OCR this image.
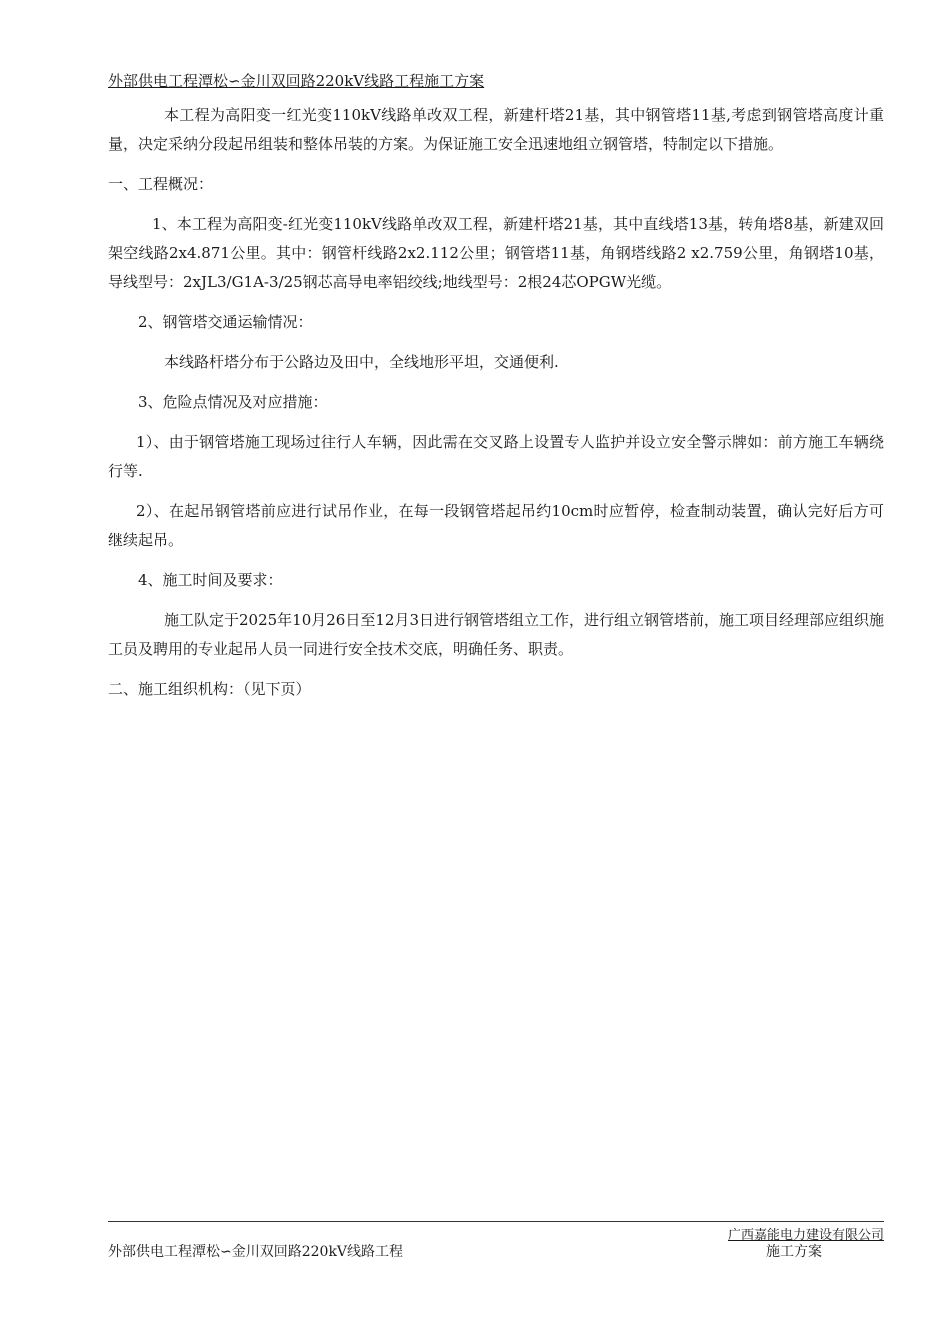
外部供电工程潭松∽金川双回路220kV线路工程施工方案

本工程为高阳变一红光变110kV线路单改双工程，新建杆塔21基，其中钢管塔11基,考虑到钢管塔高度计重量，决定采纳分段起吊组装和整体吊装的方案。为保证施工安全迅速地组立钢管塔，特制定以下措施。

一、工程概况：

1、本工程为高阳变-红光变110kV线路单改双工程，新建杆塔21基，其中直线塔13基，转角塔8基，新建双回架空线路2x4.871公里。其中：钢管杆线路2x2.112公里；钢管塔11基，角钢塔线路2 x2.759公里，角钢塔10基，导线型号：2xJL3/G1A-3/25钢芯高导电率铝绞线;地线型号：2根24芯OPGW光缆。

2、钢管塔交通运输情况：

本线路杆塔分布于公路边及田中，全线地形平坦，交通便利.

3、危险点情况及对应措施：

1）、由于钢管塔施工现场过往行人车辆，因此需在交叉路上设置专人监护并设立安全警示牌如：前方施工车辆绕行等.

2）、在起吊钢管塔前应进行试吊作业，在每一段钢管塔起吊约10cm时应暂停，检查制动装置，确认完好后方可继续起吊。

4、施工时间及要求：

施工队定于2025年10月26日至12月3日进行钢管塔组立工作，进行组立钢管塔前，施工项目经理部应组织施工员及聘用的专业起吊人员一同进行安全技术交底，明确任务、职责。

二、施工组织机构：（见下页）

广西嘉能电力建设有限公司
外部供电工程潭松∽金川双回路220kV线路工程	施工方案
